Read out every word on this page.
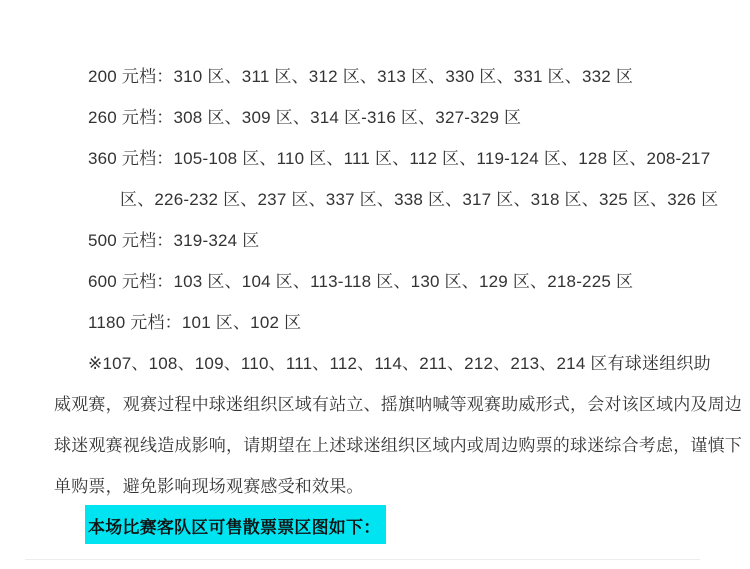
200 元档：310 区、311 区、312 区、313 区、330 区、331 区、332 区
260 元档：308 区、309 区、314 区-316 区、327-329 区
360 元档：105-108 区、110 区、111 区、112 区、119-124 区、128 区、208-217
区、226-232 区、237 区、337 区、338 区、317 区、318 区、325 区、326 区
500 元档：319-324 区
600 元档：103 区、104 区、113-118 区、130 区、129 区、218-225 区
1180 元档：101 区、102 区
※107、108、109、110、111、112、114、211、212、213、214 区有球迷组织助
威观赛，观赛过程中球迷组织区域有站立、摇旗呐喊等观赛助威形式，会对该区域内及周边
球迷观赛视线造成影响，请期望在上述球迷组织区域内或周边购票的球迷综合考虑，谨慎下
单购票，避免影响现场观赛感受和效果。
本场比赛客队区可售散票票区图如下：
